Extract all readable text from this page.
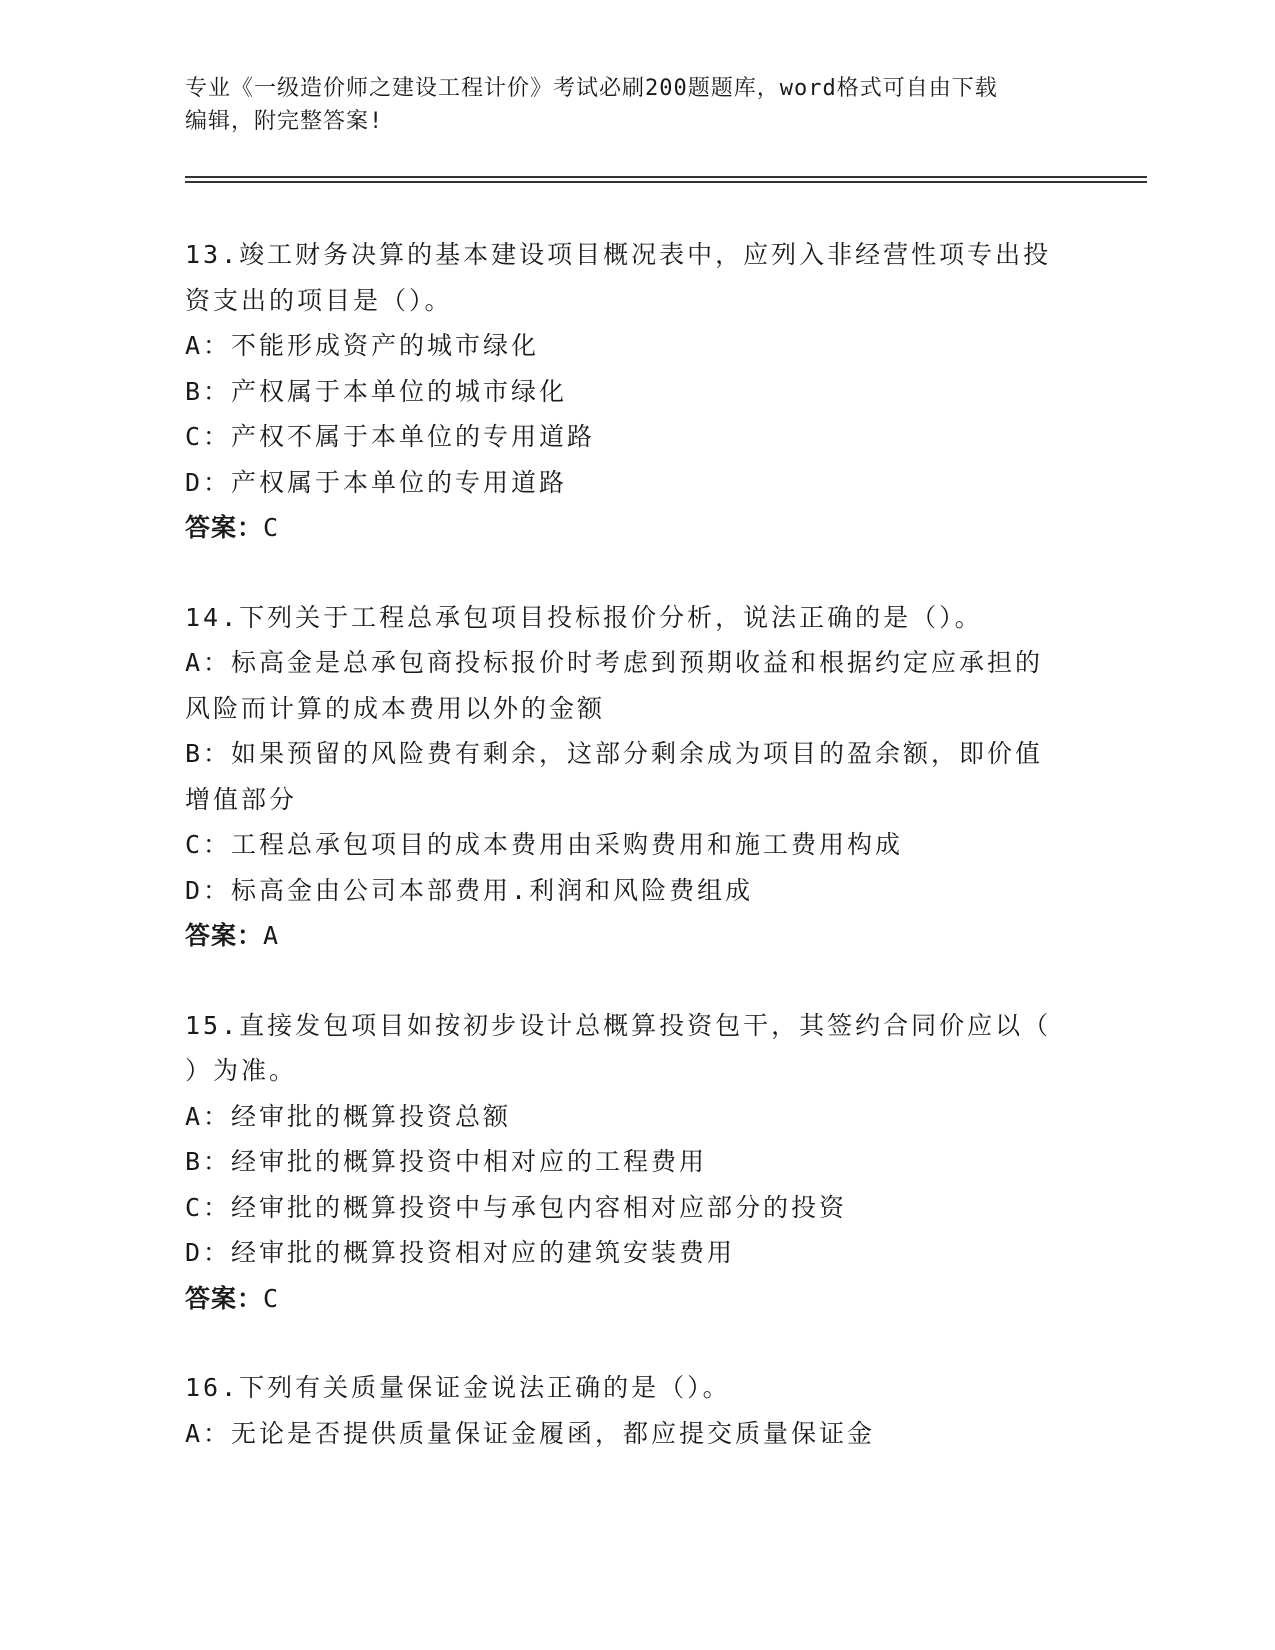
专业《一级造价师之建设工程计价》考试必刷200题题库，word格式可自由下载

编辑，附完整答案!

13.竣工财务决算的基本建设项目概况表中，应列入非经营性项专出投

资支出的项目是（）。

A：不能形成资产的城市绿化

B：产权属于本单位的城市绿化

C：产权不属于本单位的专用道路

D：产权属于本单位的专用道路

答案：C

14.下列关于工程总承包项目投标报价分析，说法正确的是（）。

A：标高金是总承包商投标报价时考虑到预期收益和根据约定应承担的

风险而计算的成本费用以外的金额

B：如果预留的风险费有剩余，这部分剩余成为项目的盈余额，即价值

增值部分

C：工程总承包项目的成本费用由采购费用和施工费用构成

D：标高金由公司本部费用.利润和风险费组成

答案：A

15.直接发包项目如按初步设计总概算投资包干，其签约合同价应以（

）为准。

A：经审批的概算投资总额

B：经审批的概算投资中相对应的工程费用

C：经审批的概算投资中与承包内容相对应部分的投资

D：经审批的概算投资相对应的建筑安装费用

答案：C

16.下列有关质量保证金说法正确的是（）。

A：无论是否提供质量保证金履函，都应提交质量保证金
